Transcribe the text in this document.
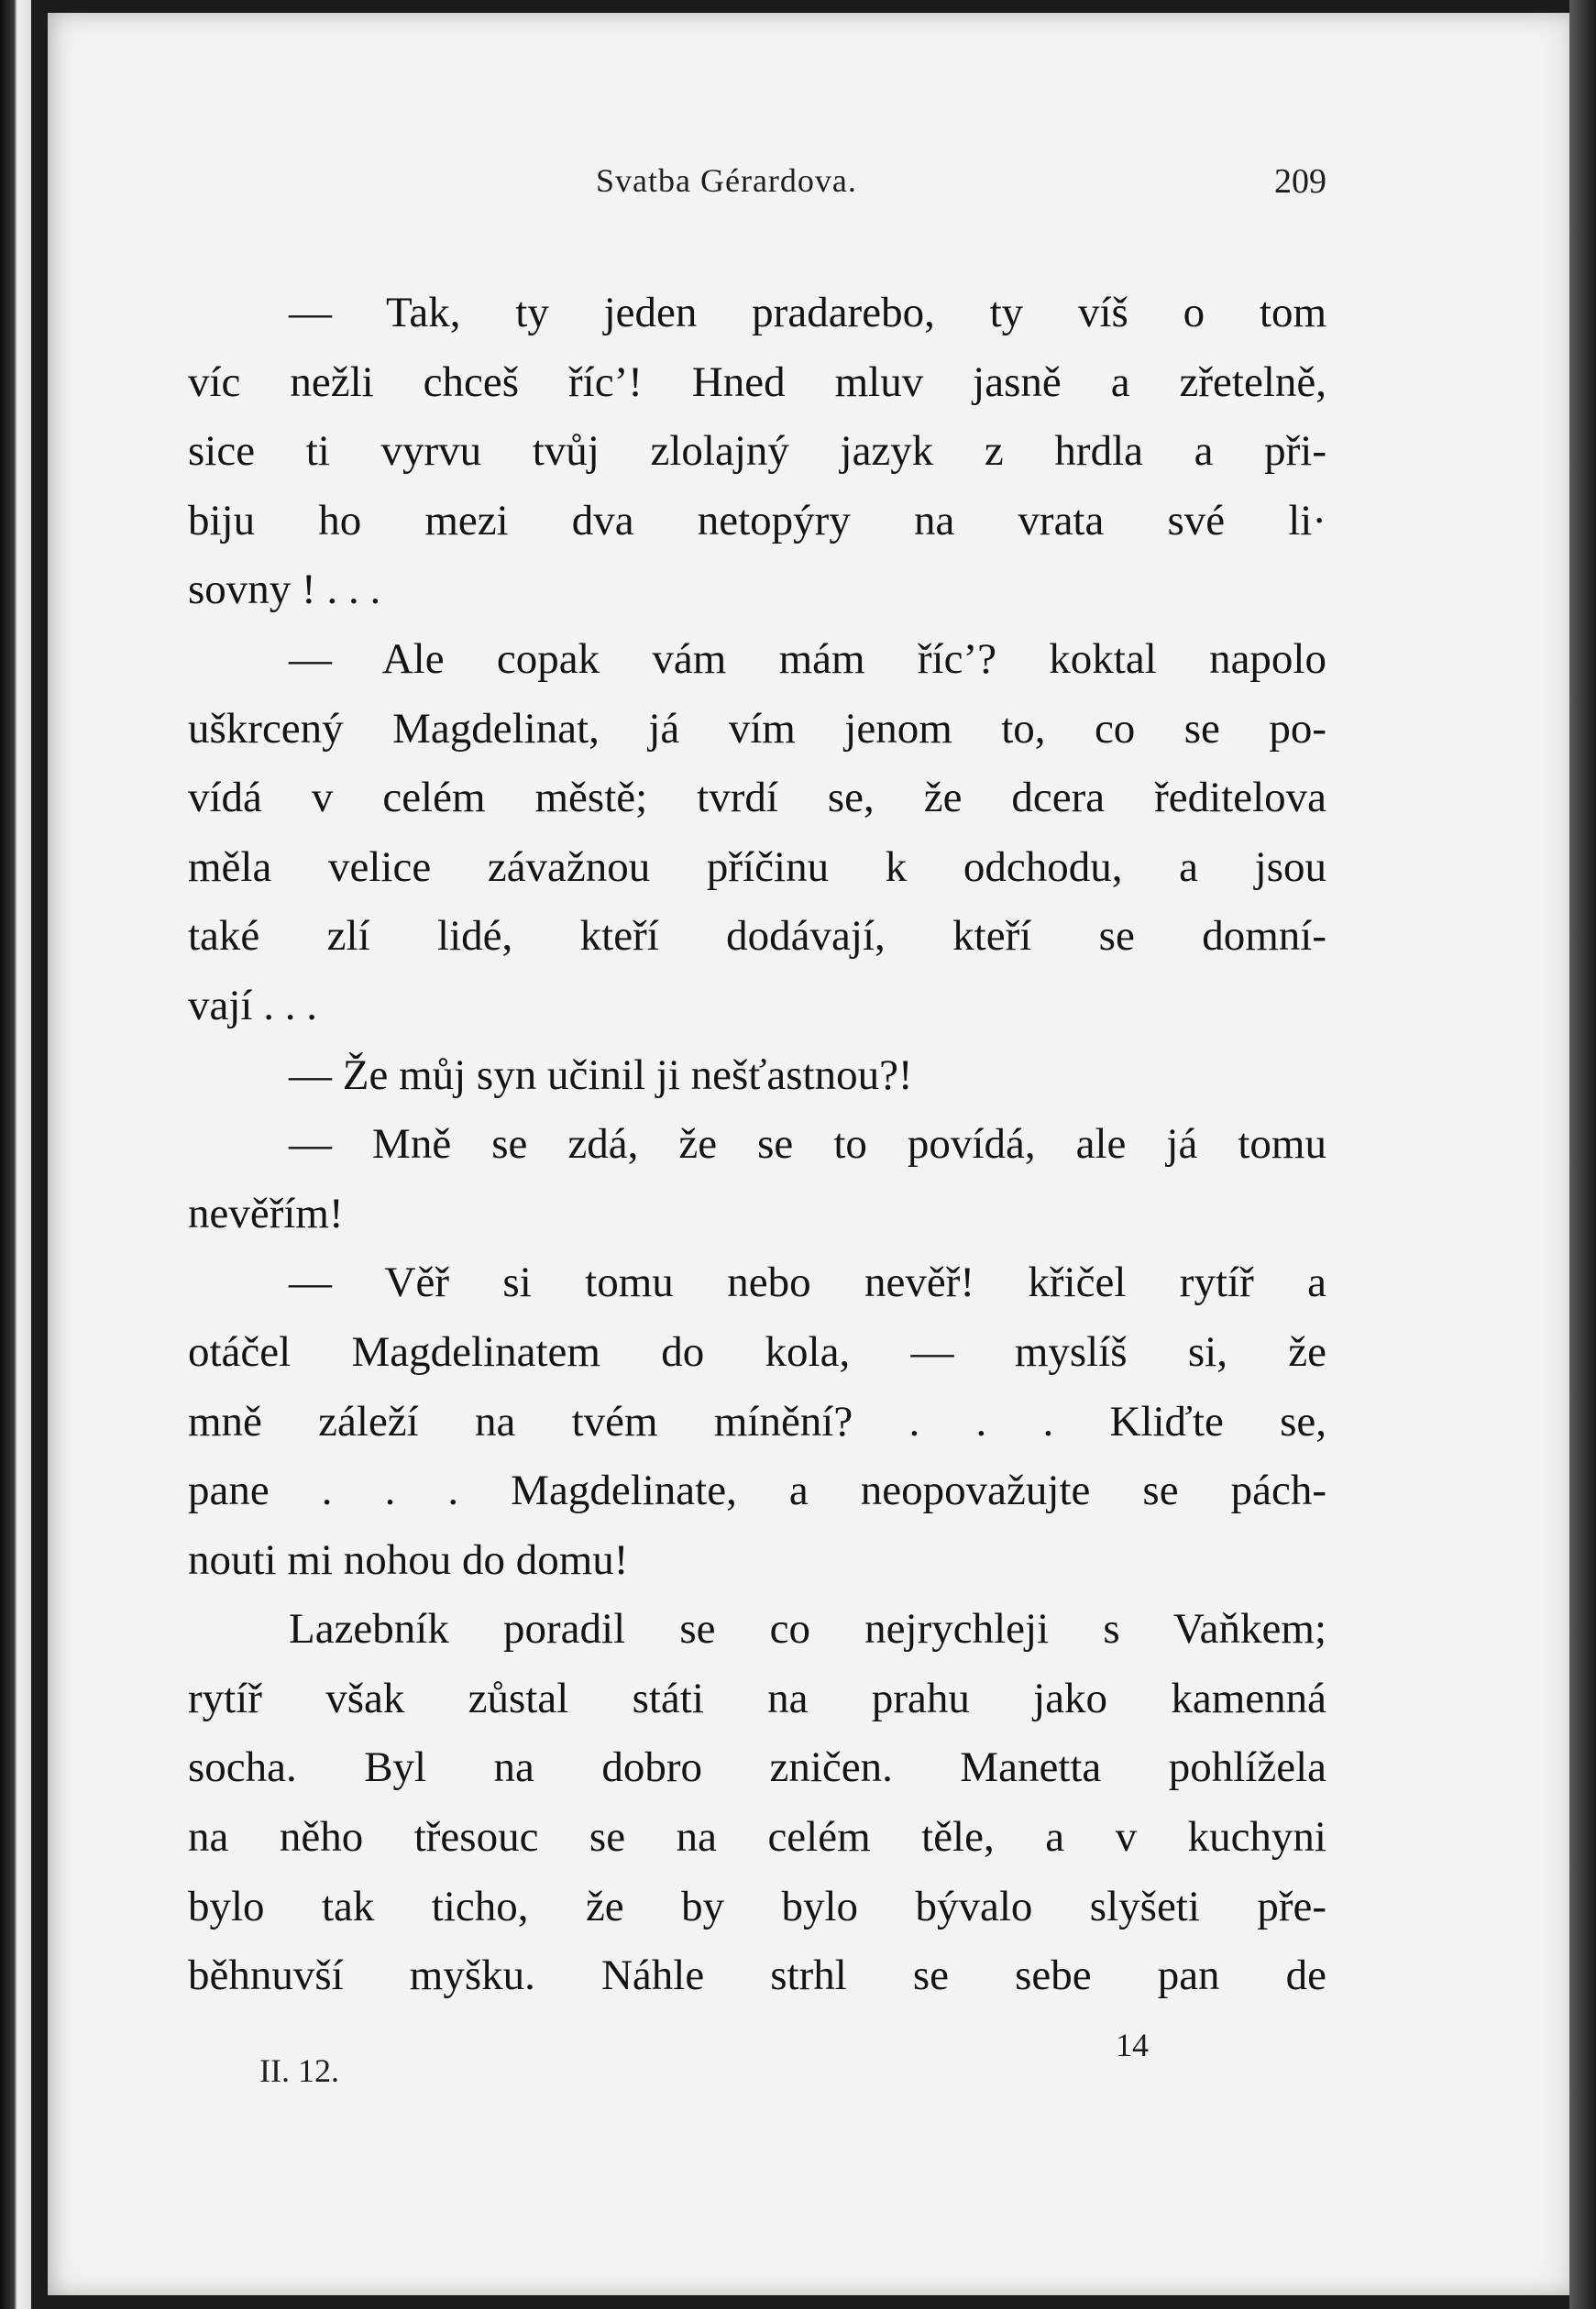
Svatba Gérardova.	209
— Tak, ty jeden pradarebo, ty víš o tom
víc nežli chceš říc’! Hned mluv jasně a zřetelně,
sice ti vyrvu tvůj zlolajný jazyk z hrdla a při-
biju ho mezi dva netopýry na vrata své li·
sovny ! . . .
— Ale copak vám mám říc’? koktal napolo
uškrcený Magdelinat, já vím jenom to, co se po-
vídá v celém městě; tvrdí se, že dcera ředitelova
měla velice závažnou příčinu k odchodu, a jsou
také zlí lidé, kteří dodávají, kteří se domní-
vají . . .
— Že můj syn učinil ji nešťastnou?!
— Mně se zdá, že se to povídá, ale já tomu
nevěřím!
— Věř si tomu nebo nevěř! křičel rytíř a
otáčel Magdelinatem do kola, — myslíš si, že
mně záleží na tvém mínění? . . . Kliďte se,
pane . . . Magdelinate, a neopovažujte se pách-
nouti mi nohou do domu!
Lazebník poradil se co nejrychleji s Vaňkem;
rytíř však zůstal státi na prahu jako kamenná
socha. Byl na dobro zničen. Manetta pohlížela
na něho třesouc se na celém těle, a v kuchyni
bylo tak ticho, že by bylo bývalo slyšeti pře-
běhnuvší myšku. Náhle strhl se sebe pan de
II. 12.
14
